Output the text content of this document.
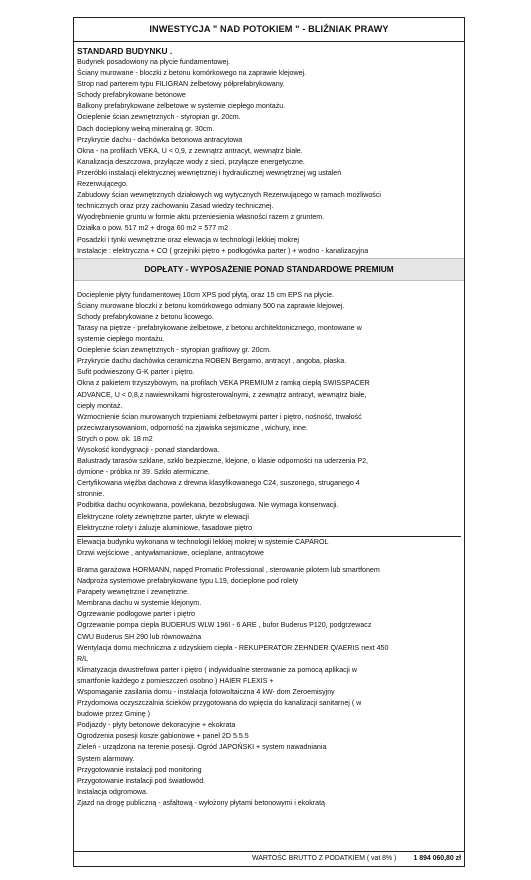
INWESTYCJA " NAD POTOKIEM " - BLIŹNIAK PRAWY
STANDARD BUDYNKU .
Budynek posadowiony na płycie fundamentowej.
Ściany murowane - bloczki z betonu komórkowego na zaprawie klejowej.
Strop nad parterem typu FILIGRAN żelbetowy półprefabrykowany.
Schody prefabrykowane betonowe
Balkony prefabrykowane żelbetowe w systemie ciepłego montażu.
Ocieplenie ścian zewnętrznych - styropian gr. 20cm.
Dach docieplony wełną mineralną gr. 30cm.
Przykrycie dachu - dachówka betonowa antracytowa
Okna - na profilach VEKA, U < 0,9, z zewnątrz antracyt, wewnątrz białe.
Kanalizacja deszczowa, przyłącze wody z sieci, przyłącze energetyczne.
Przeróbki instalacji elektrycznej wewnętrznej i hydraulicznej wewnętrznej wg ustaleń
Rezerwującego.
Zabudowy ścian wewnętrznych działowych wg wytycznych Rezerwującego w ramach możliwości
technicznych oraz przy zachowaniu Zasad wiedzy technicznej.
Wyodrębnienie gruntu w formie aktu przeniesienia własności razem z gruntem.
Działka o pow. 517 m2 + droga 60 m2 = 577 m2
Posadzki i tynki wewnętrzne oraz elewacja w technologii lekkiej mokrej
Instalacje : elektryczna + CO ( grzejniki piętro + podłogówka parter ) + wodno - kanalizacyjna
DOPŁATY - WYPOSAŻENIE PONAD STANDARDOWE PREMIUM
Docieplenie płyty fundamentowej 10cm XPS pod płytą, oraz 15 cm EPS na płycie.
Ściany murowane bloczki z betonu komórkowego odmiany 500 na zaprawie klejowej.
Schody prefabrykowane z betonu licowego.
Tarasy na piętrze - prefabrykowane żelbetowe, z betonu architektonicznego, montowane w
systemie ciepłego montażu.
Ocieplenie ścian zewnętrznych - styropian grafitowy gr. 20cm.
Przykrycie dachu dachówka ceramiczna ROBEN Bergamo, antracyt , angoba, płaska.
Sufit podwieszony G-K parter i piętro.
Okna z pakietem trzyszybowym, na profilach VEKA PREMIUM z ramką ciepłą SWISSPACER
ADVANCE, U < 0,8,z nawiewnikami higrosterowalnymi, z zewnątrz antracyt, wewnątrz białe,
ciepły montaż.
Wzmocnienie ścian murowanych trzpieniami żelbetowymi parter i piętro, nośność, trwałość
przeciwzarysowaniom, odporność na zjawiska sejsmiczne , wichury, inne.
Strych o pow. ok. 18 m2
Wysokość kondygnacji - ponad standardowa.
Balustrady tarasów szklane, szkło bezpieczne, klejone, o klasie odporności na uderzenia P2,
dymione - próbka nr 39. Szkło atermiczne.
Certyfikowana więźba dachowa z drewna klasyfikowanego C24, suszonego, struganego 4
stronnie.
Podbitka dachu ocynkowana, powlekana, bezobsługowa. Nie wymaga konserwacji.
Elektryczne rolety zewnętrzne parter, ukryte w elewacji
Elektryczne rolety i żaluzje aluminiowe, fasadowe piętro
Elewacja budynku wykonana w technologii lekkiej mokrej w systemie CAPAROL
Drzwi wejściowe , antywłamaniowe, ocieplane, antracytowe
Brama garażowa HORMANN, napęd Promatic Professional , sterowanie pilotem lub smartfonem
Nadproża systemowe prefabrykowane typu L19, docieplone pod rolety
Parapety wewnętrzne i zewnętrzne.
Membrana dachu w systemie klejonym.
Ogrzewanie podłogowe parter i piętro
Ogrzewanie pompa ciepła BUDERUS WLW 196I - 6 ARE , bufor Buderus P120, podgrzewacz
CWU Buderus SH 290 lub równoważna
Wentylacja domu mechniczna z odzyskiem ciepła - REKUPERATOR ZEHNDER Q/AERIS next 450
R/L
Klimatyzacja dwustrefowa parter i piętro ( indywidualne sterowanie za pomocą aplikacji w
smartfonie każdego z pomieszczeń osobno ) HAIER FLEXIS +
Wspomaganie zasilania domu - instalacja fotowoltaiczna 4 kW- dom Zeroemisyjny
Przydomowa oczyszczalnia ścieków przygotowana do wpięcia do kanalizacji sanitarnej ( w
budowie przez Gminę )
Podjazdy - płyty betonowe dekoracyjne + ekokrata
Ogrodzenia posesji kosze gabionowe + panel 2D 5.5.5
Zieleń - urządzona na terenie posesji. Ogród JAPOŃSKI + system nawadniania
System alarmowy.
Przygotowanie instalacji pod monitoring
Przygotowanie instalacji pod światłowód.
Instalacja odgromowa.
Zjazd na drogę publiczną - asfaltową - wyłożony płytami betonowymi i ekokratą
WARTOŚĆ BRUTTO Z PODATKIEM ( vat 8% ) 1 894 060,80 zł
